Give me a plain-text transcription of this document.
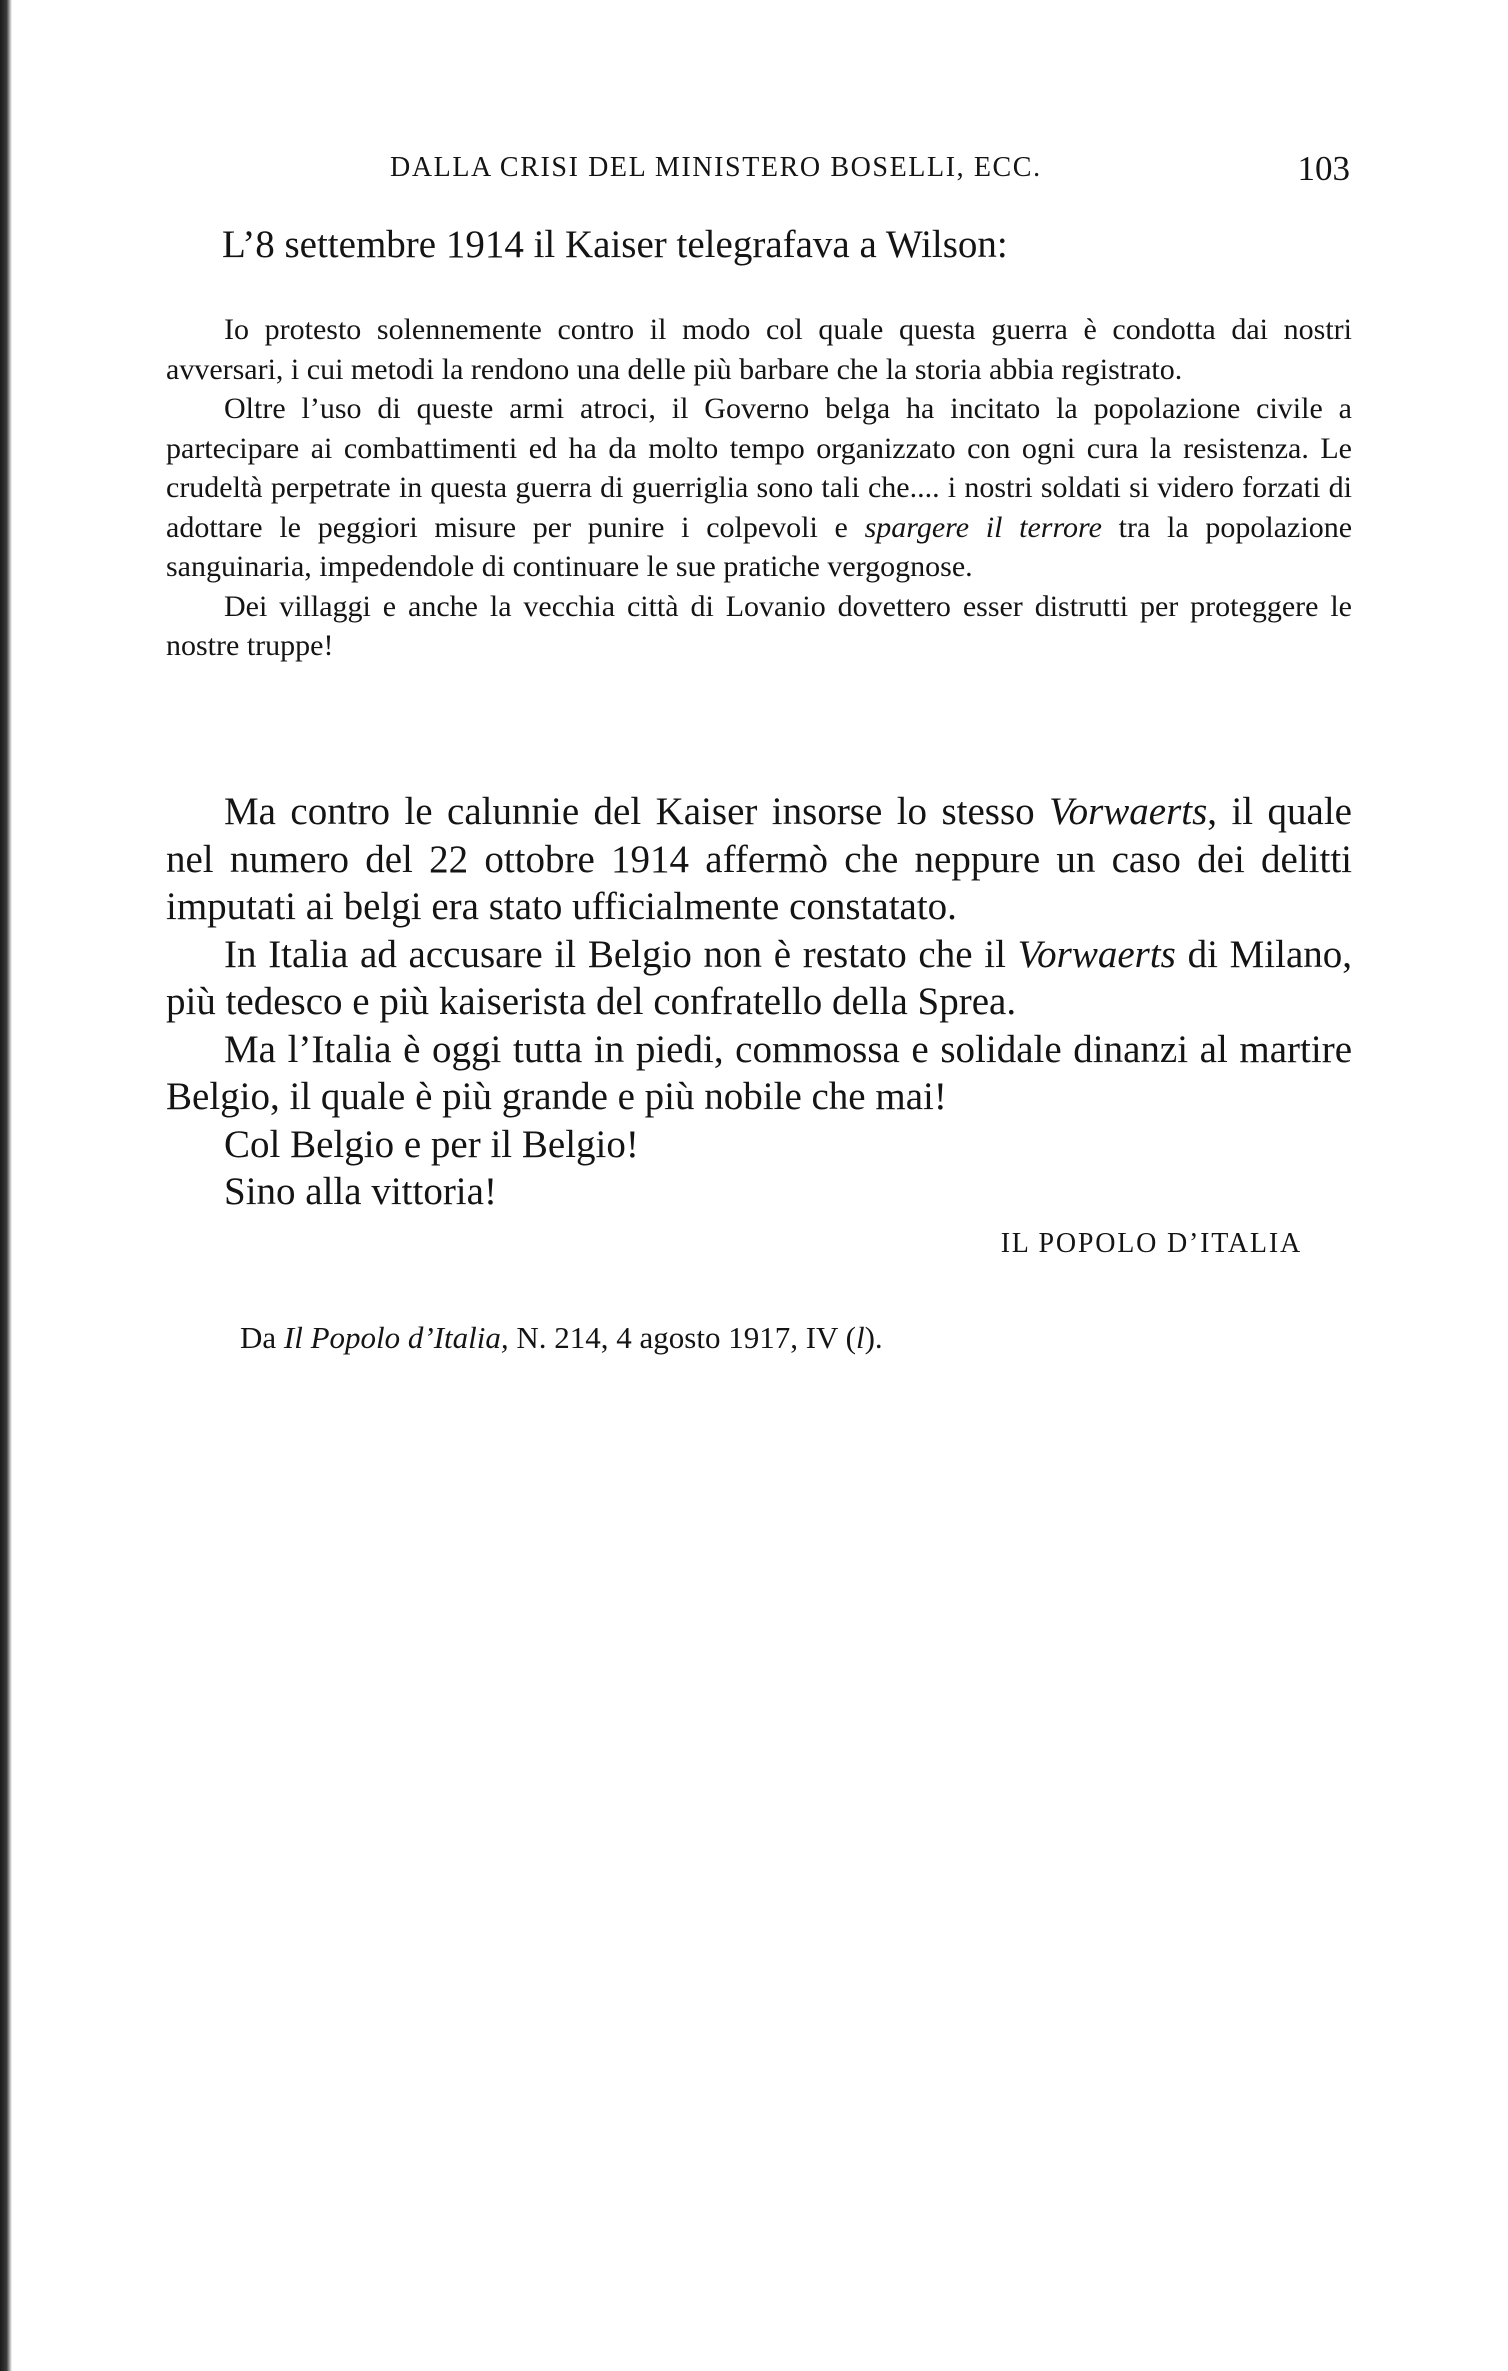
DALLA CRISI DEL MINISTERO BOSELLI, ECC.	103
L’8 settembre 1914 il Kaiser telegrafava a Wilson:

Io protesto solennemente contro il modo col quale questa guerra è condotta dai nostri avversari, i cui metodi la rendono una delle più barbare che la storia abbia registrato.

Oltre l’uso di queste armi atroci, il Governo belga ha incitato la popolazione civile a partecipare ai combattimenti ed ha da molto tempo organizzato con ogni cura la resistenza. Le crudeltà perpetrate in questa guerra di guerriglia sono tali che.... i nostri soldati si videro forzati di adottare le peggiori misure per punire i colpevoli e spargere il terrore tra la popolazione sanguinaria, impedendole di continuare le sue pratiche vergognose.

Dei villaggi e anche la vecchia città di Lovanio dovettero esser distrutti per proteggere le nostre truppe!

Ma contro le calunnie del Kaiser insorse lo stesso Vorwaerts, il quale nel numero del 22 ottobre 1914 affermò che neppure un caso dei delitti imputati ai belgi era stato ufficialmente constatato.

In Italia ad accusare il Belgio non è restato che il Vorwaerts di Milano, più tedesco e più kaiserista del confratello della Sprea.

Ma l’Italia è oggi tutta in piedi, commossa e solidale dinanzi al martire Belgio, il quale è più grande e più nobile che mai!

Col Belgio e per il Belgio!

Sino alla vittoria!

IL POPOLO D’ITALIA
Da Il Popolo d’Italia, N. 214, 4 agosto 1917, IV (l).
